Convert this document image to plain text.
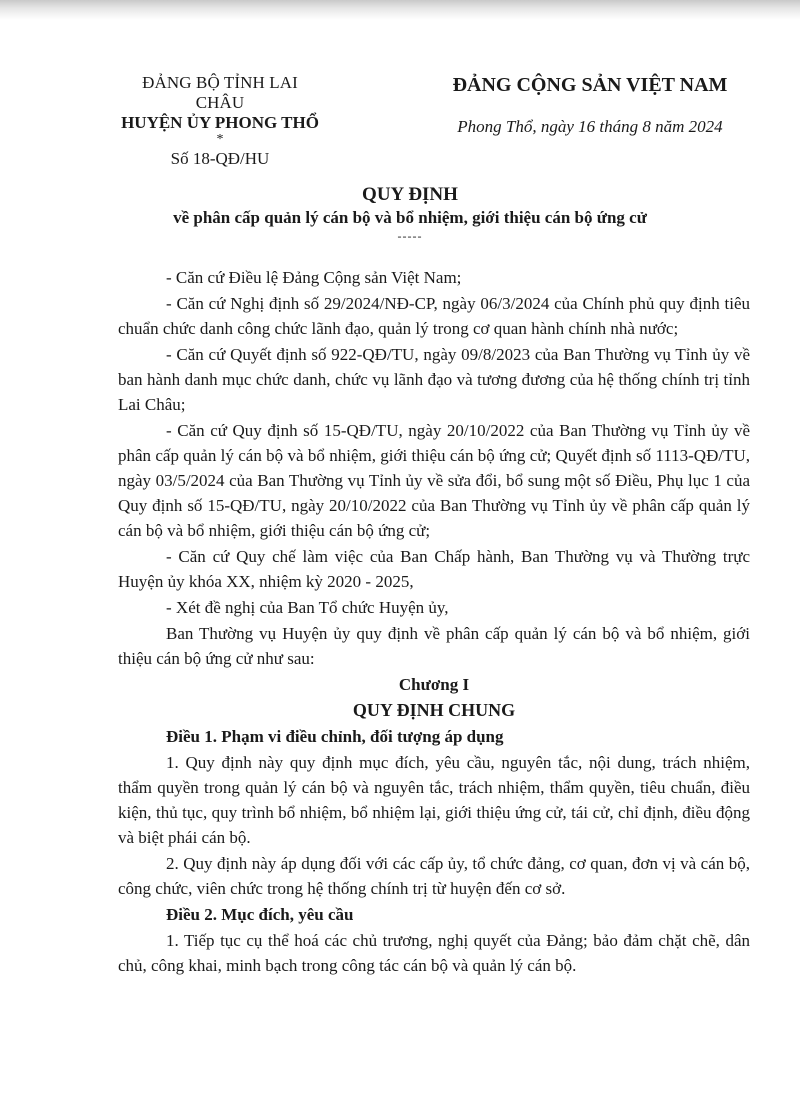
ĐẢNG BỘ TỈNH LAI CHÂU
HUYỆN ỦY PHONG THỔ
*
Số 18-QĐ/HU
ĐẢNG CỘNG SẢN VIỆT NAM
Phong Thổ, ngày 16 tháng 8 năm 2024
QUY ĐỊNH
về phân cấp quản lý cán bộ và bổ nhiệm, giới thiệu cán bộ ứng cử
-----

- Căn cứ Điều lệ Đảng Cộng sản Việt Nam;

- Căn cứ Nghị định số 29/2024/NĐ-CP, ngày 06/3/2024 của Chính phủ quy định tiêu chuẩn chức danh công chức lãnh đạo, quản lý trong cơ quan hành chính nhà nước;

- Căn cứ Quyết định số 922-QĐ/TU, ngày 09/8/2023 của Ban Thường vụ Tỉnh ủy về ban hành danh mục chức danh, chức vụ lãnh đạo và tương đương của hệ thống chính trị tỉnh Lai Châu;

- Căn cứ Quy định số 15-QĐ/TU, ngày 20/10/2022 của Ban Thường vụ Tỉnh ủy về phân cấp quản lý cán bộ và bổ nhiệm, giới thiệu cán bộ ứng cử; Quyết định số 1113-QĐ/TU, ngày 03/5/2024 của Ban Thường vụ Tỉnh ủy về sửa đổi, bổ sung một số Điều, Phụ lục 1 của Quy định số 15-QĐ/TU, ngày 20/10/2022 của Ban Thường vụ Tỉnh ủy về phân cấp quản lý cán bộ và bổ nhiệm, giới thiệu cán bộ ứng cử;

- Căn cứ Quy chế làm việc của Ban Chấp hành, Ban Thường vụ và Thường trực Huyện ủy khóa XX, nhiệm kỳ 2020 - 2025,

- Xét đề nghị của Ban Tổ chức Huyện ủy,

Ban Thường vụ Huyện ủy quy định về phân cấp quản lý cán bộ và bổ nhiệm, giới thiệu cán bộ ứng cử như sau:

Chương I

QUY ĐỊNH CHUNG

Điều 1. Phạm vi điều chỉnh, đối tượng áp dụng

1. Quy định này quy định mục đích, yêu cầu, nguyên tắc, nội dung, trách nhiệm, thẩm quyền trong quản lý cán bộ và nguyên tắc, trách nhiệm, thẩm quyền, tiêu chuẩn, điều kiện, thủ tục, quy trình bổ nhiệm, bổ nhiệm lại, giới thiệu ứng cử, tái cử, chỉ định, điều động và biệt phái cán bộ.

2. Quy định này áp dụng đối với các cấp ủy, tổ chức đảng, cơ quan, đơn vị và cán bộ, công chức, viên chức trong hệ thống chính trị từ huyện đến cơ sở.

Điều 2. Mục đích, yêu cầu

1. Tiếp tục cụ thể hoá các chủ trương, nghị quyết của Đảng; bảo đảm chặt chẽ, dân chủ, công khai, minh bạch trong công tác cán bộ và quản lý cán bộ.
